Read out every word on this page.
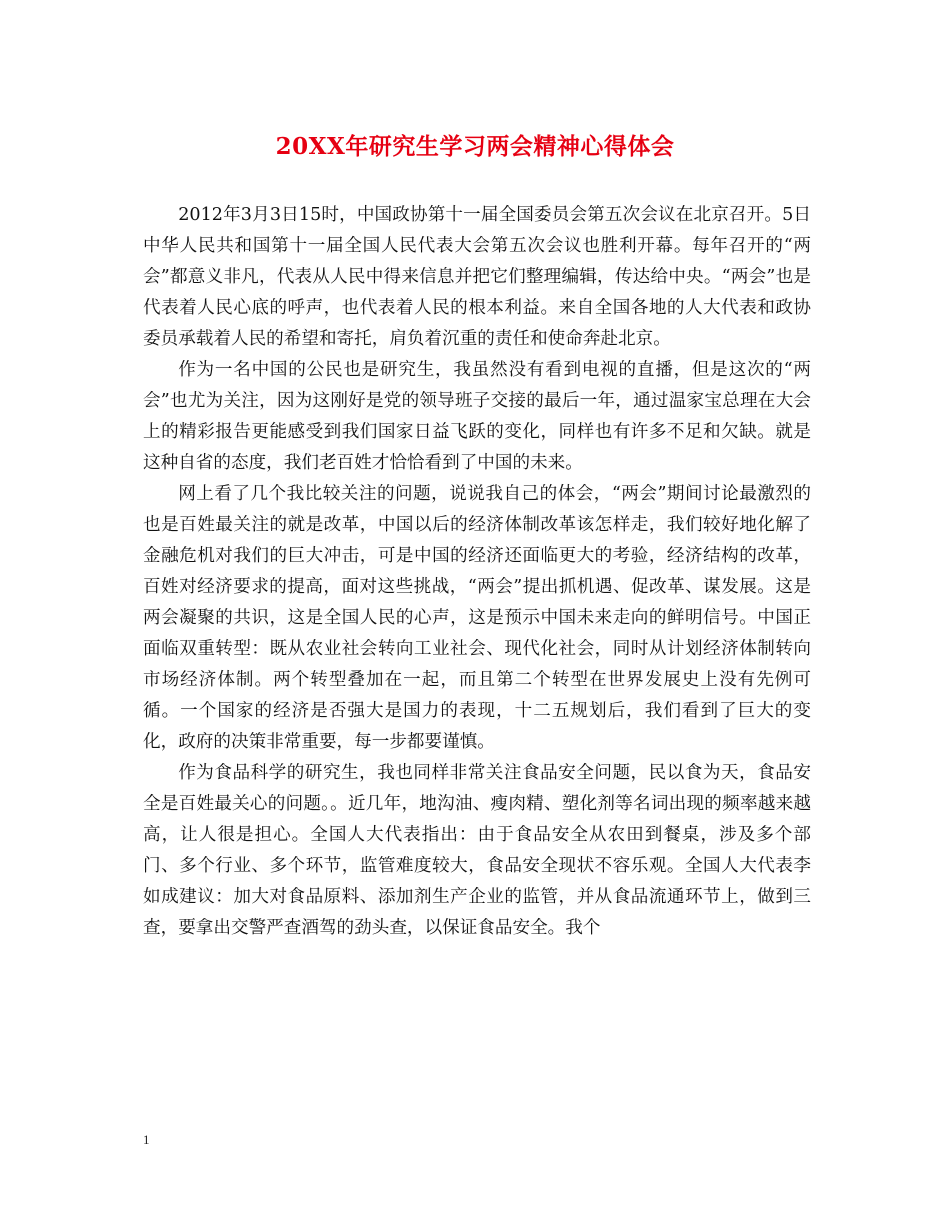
20XX年研究生学习两会精神心得体会

2012年3月3日15时，中国政协第十一届全国委员会第五次会议在北京召开。5日中华人民共和国第十一届全国人民代表大会第五次会议也胜利开幕。每年召开的“两会”都意义非凡，代表从人民中得来信息并把它们整理编辑，传达给中央。“两会”也是代表着人民心底的呼声，也代表着人民的根本利益。来自全国各地的人大代表和政协委员承载着人民的希望和寄托，肩负着沉重的责任和使命奔赴北京。

作为一名中国的公民也是研究生，我虽然没有看到电视的直播，但是这次的“两会”也尤为关注，因为这刚好是党的领导班子交接的最后一年，通过温家宝总理在大会上的精彩报告更能感受到我们国家日益飞跃的变化，同样也有许多不足和欠缺。就是这种自省的态度，我们老百姓才恰恰看到了中国的未来。

网上看了几个我比较关注的问题，说说我自己的体会，“两会”期间讨论最激烈的也是百姓最关注的就是改革，中国以后的经济体制改革该怎样走，我们较好地化解了金融危机对我们的巨大冲击，可是中国的经济还面临更大的考验，经济结构的改革，百姓对经济要求的提高，面对这些挑战，“两会”提出抓机遇、促改革、谋发展。这是两会凝聚的共识，这是全国人民的心声，这是预示中国未来走向的鲜明信号。中国正面临双重转型：既从农业社会转向工业社会、现代化社会，同时从计划经济体制转向市场经济体制。两个转型叠加在一起，而且第二个转型在世界发展史上没有先例可循。一个国家的经济是否强大是国力的表现，十二五规划后，我们看到了巨大的变化，政府的决策非常重要，每一步都要谨慎。

作为食品科学的研究生，我也同样非常关注食品安全问题，民以食为天，食品安全是百姓最关心的问题。。近几年，地沟油、瘦肉精、塑化剂等名词出现的频率越来越高，让人很是担心。全国人大代表指出：由于食品安全从农田到餐桌，涉及多个部门、多个行业、多个环节，监管难度较大，食品安全现状不容乐观。全国人大代表李如成建议：加大对食品原料、添加剂生产企业的监管，并从食品流通环节上，做到三查，要拿出交警严查酒驾的劲头查，以保证食品安全。我个

1
